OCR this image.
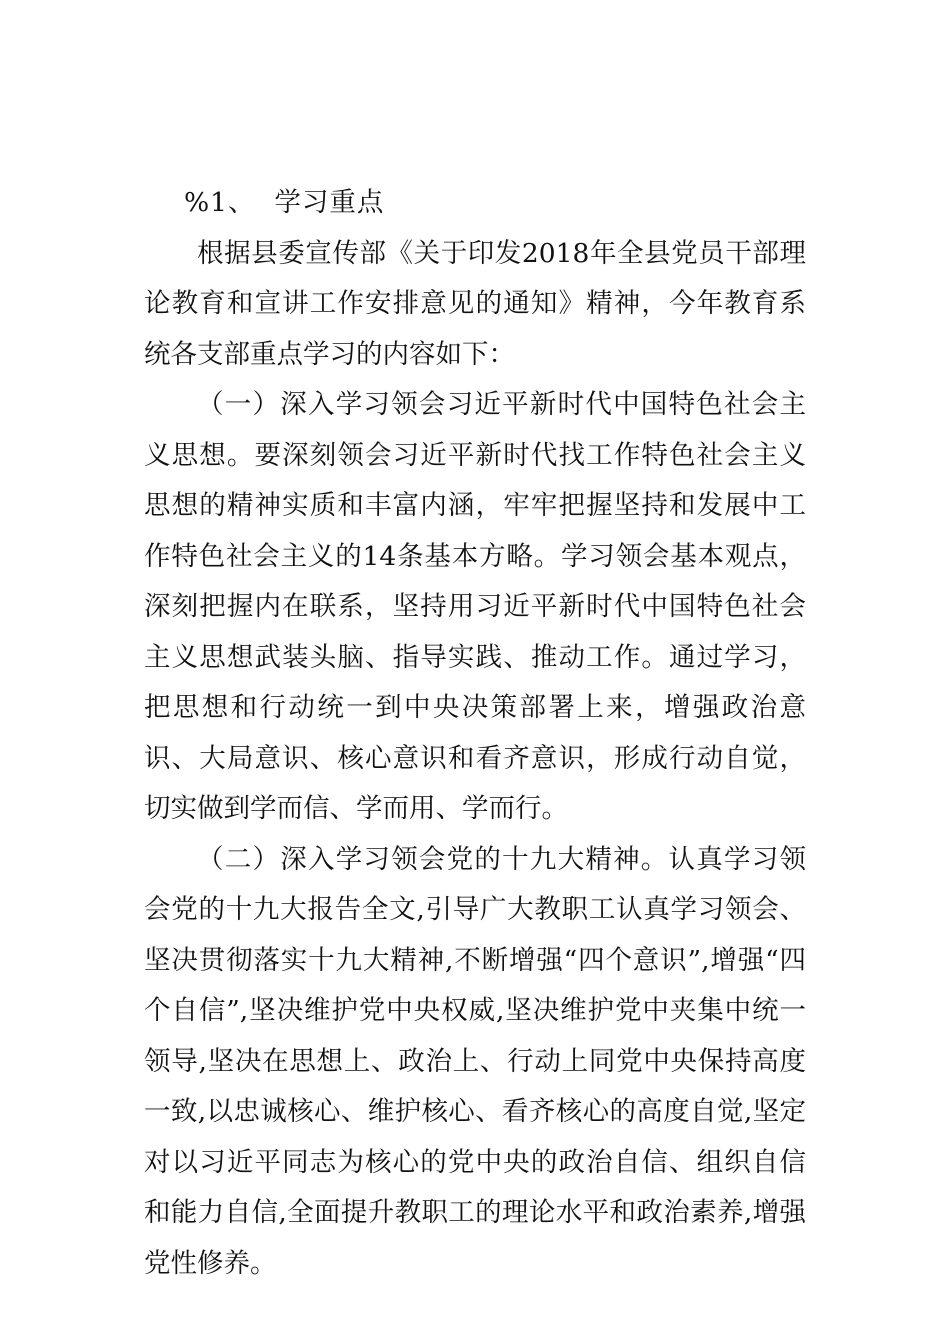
%1、  学习重点

根据县委宣传部《关于印发2018年全县党员干部理论教育和宣讲工作安排意见的通知》精神，今年教育系统各支部重点学习的内容如下：

（一）深入学习领会习近平新时代中国特色社会主义思想。要深刻领会习近平新时代找工作特色社会主义思想的精神实质和丰富内涵，牢牢把握坚持和发展中工作特色社会主义的14条基本方略。学习领会基本观点，深刻把握内在联系，坚持用习近平新时代中国特色社会主义思想武装头脑、指导实践、推动工作。通过学习，把思想和行动统一到中央决策部署上来，增强政治意识、大局意识、核心意识和看齐意识，形成行动自觉，切实做到学而信、学而用、学而行。

（二）深入学习领会党的十九大精神。认真学习领会党的十九大报告全文,引导广大教职工认真学习领会、坚决贯彻落实十九大精神,不断增强“四个意识”,增强“四个自信”,坚决维护党中央权威,坚决维护党中夹集中统一领导,坚决在思想上、政治上、行动上同党中央保持高度一致,以忠诚核心、维护核心、看齐核心的高度自觉,坚定对以习近平同志为核心的党中央的政治自信、组织自信和能力自信,全面提升教职工的理论水平和政治素养,增强党性修养。
